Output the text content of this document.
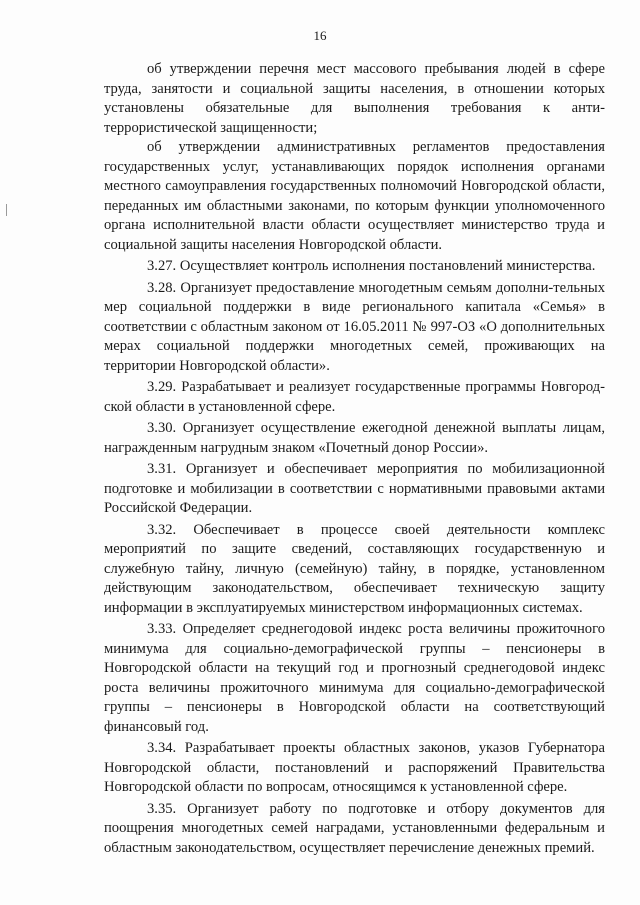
16

об утверждении перечня мест массового пребывания людей в сфере труда, занятости и социальной защиты населения, в отношении которых установлены обязательные для выполнения требования к анти-террористической защищенности;

об утверждении административных регламентов предоставления государственных услуг, устанавливающих порядок исполнения органами местного самоуправления государственных полномочий Новгородской области, переданных им областными законами, по которым функции уполномоченного органа исполнительной власти области осуществляет министерство труда и социальной защиты населения Новгородской области.

3.27. Осуществляет контроль исполнения постановлений министерства.

3.28. Организует предоставление многодетным семьям дополни-тельных мер социальной поддержки в виде регионального капитала «Семья» в соответствии с областным законом от 16.05.2011 № 997-ОЗ «О дополнительных мерах социальной поддержки многодетных семей, проживающих на территории Новгородской области».

3.29. Разрабатывает и реализует государственные программы Новгород-ской области в установленной сфере.

3.30. Организует осуществление ежегодной денежной выплаты лицам, награжденным нагрудным знаком «Почетный донор России».

3.31. Организует и обеспечивает мероприятия по мобилизационной подготовке и мобилизации в соответствии с нормативными правовыми актами Российской Федерации.

3.32. Обеспечивает в процессе своей деятельности комплекс мероприятий по защите сведений, составляющих государственную и служебную тайну, личную (семейную) тайну, в порядке, установленном действующим законодательством, обеспечивает техническую защиту информации в эксплуатируемых министерством информационных системах.

3.33. Определяет среднегодовой индекс роста величины прожиточного минимума для социально-демографической группы – пенсионеры в Новгородской области на текущий год и прогнозный среднегодовой индекс роста величины прожиточного минимума для социально-демографической группы – пенсионеры в Новгородской области на соответствующий финансовый год.

3.34. Разрабатывает проекты областных законов, указов Губернатора Новгородской области, постановлений и распоряжений Правительства Новгородской области по вопросам, относящимся к установленной сфере.

3.35. Организует работу по подготовке и отбору документов для поощрения многодетных семей наградами, установленными федеральным и областным законодательством, осуществляет перечисление денежных премий.
